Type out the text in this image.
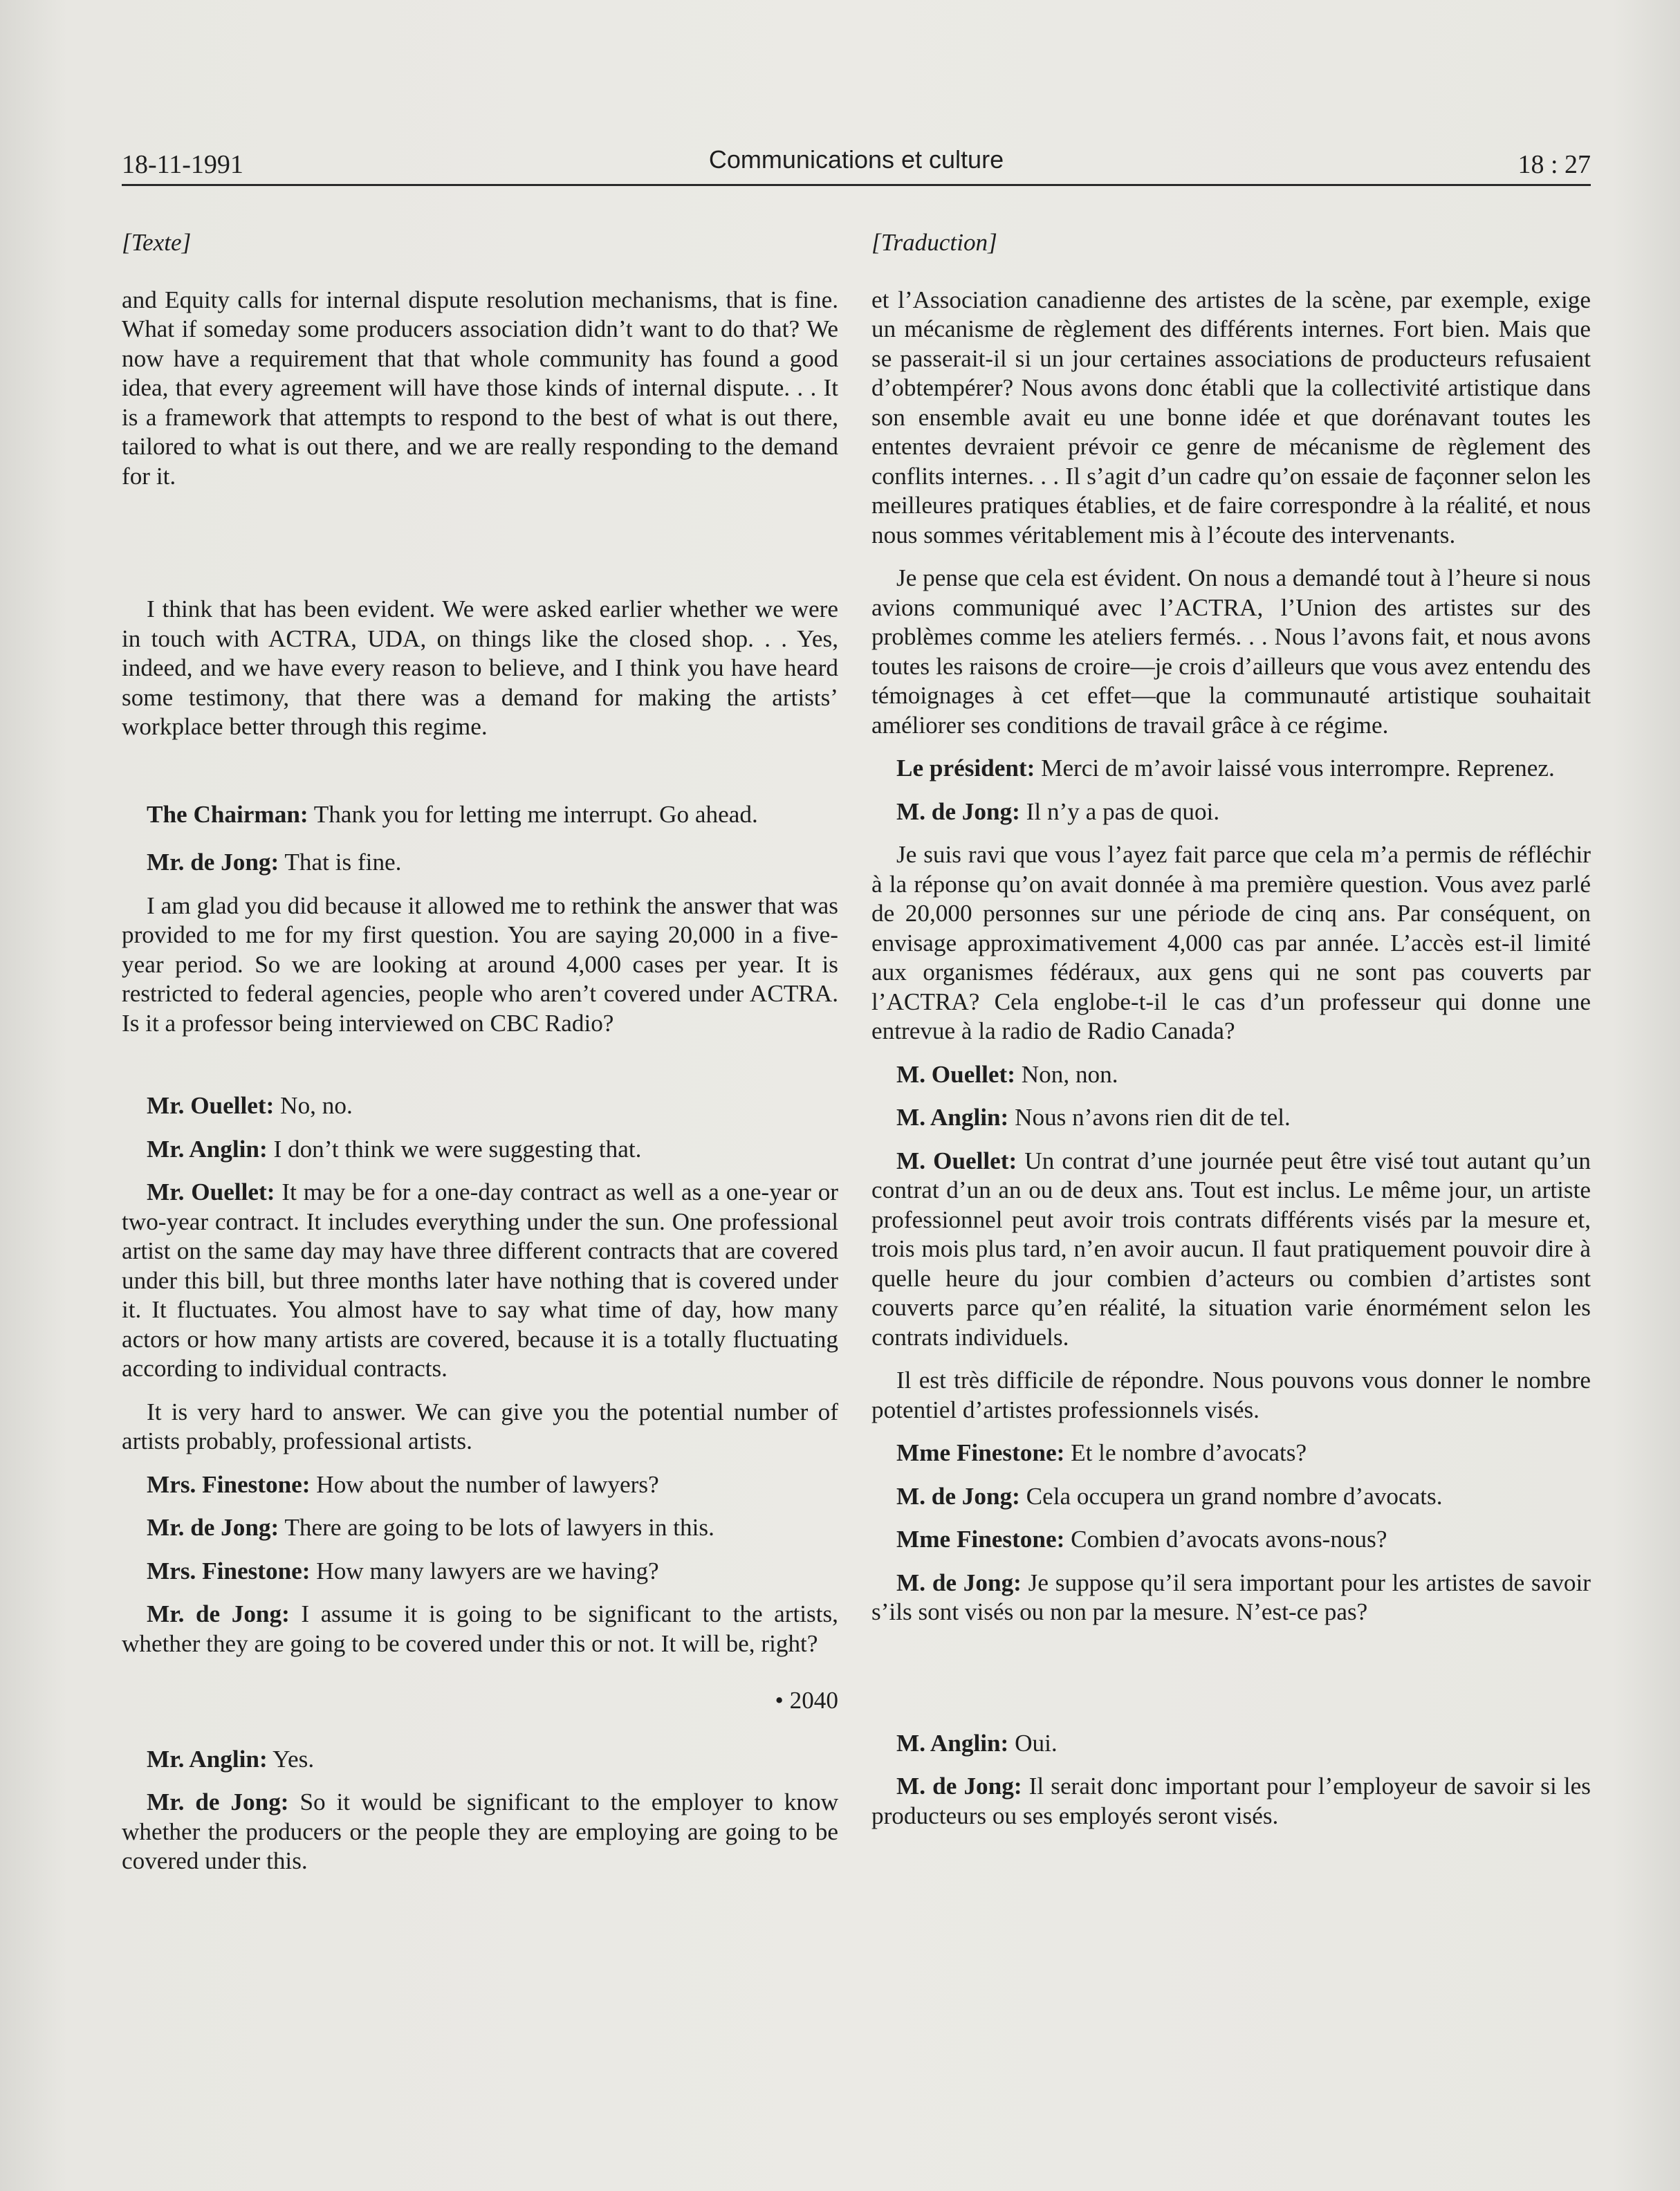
18-11-1991	Communications et culture	18 : 27

[Texte]

and Equity calls for internal dispute resolution mechanisms, that is fine. What if someday some producers association didn’t want to do that? We now have a requirement that that whole community has found a good idea, that every agreement will have those kinds of internal dispute. . . It is a framework that attempts to respond to the best of what is out there, tailored to what is out there, and we are really responding to the demand for it.

I think that has been evident. We were asked earlier whether we were in touch with ACTRA, UDA, on things like the closed shop. . . Yes, indeed, and we have every reason to believe, and I think you have heard some testimony, that there was a demand for making the artists’ workplace better through this regime.

The Chairman: Thank you for letting me interrupt. Go ahead.

Mr. de Jong: That is fine.

I am glad you did because it allowed me to rethink the answer that was provided to me for my first question. You are saying 20,000 in a five-year period. So we are looking at around 4,000 cases per year. It is restricted to federal agencies, people who aren’t covered under ACTRA. Is it a professor being interviewed on CBC Radio?

Mr. Ouellet: No, no.

Mr. Anglin: I don’t think we were suggesting that.

Mr. Ouellet: It may be for a one-day contract as well as a one-year or two-year contract. It includes everything under the sun. One professional artist on the same day may have three different contracts that are covered under this bill, but three months later have nothing that is covered under it. It fluctuates. You almost have to say what time of day, how many actors or how many artists are covered, because it is a totally fluctuating according to individual contracts.

It is very hard to answer. We can give you the potential number of artists probably, professional artists.

Mrs. Finestone: How about the number of lawyers?

Mr. de Jong: There are going to be lots of lawyers in this.

Mrs. Finestone: How many lawyers are we having?

Mr. de Jong: I assume it is going to be significant to the artists, whether they are going to be covered under this or not. It will be, right?

• 2040

Mr. Anglin: Yes.

Mr. de Jong: So it would be significant to the employer to know whether the producers or the people they are employing are going to be covered under this.

[Traduction]

et l’Association canadienne des artistes de la scène, par exemple, exige un mécanisme de règlement des différents internes. Fort bien. Mais que se passerait-il si un jour certaines associations de producteurs refusaient d’obtempérer? Nous avons donc établi que la collectivité artistique dans son ensemble avait eu une bonne idée et que dorénavant toutes les ententes devraient prévoir ce genre de mécanisme de règlement des conflits internes. . . Il s’agit d’un cadre qu’on essaie de façonner selon les meilleures pratiques établies, et de faire correspondre à la réalité, et nous nous sommes véritablement mis à l’écoute des intervenants.

Je pense que cela est évident. On nous a demandé tout à l’heure si nous avions communiqué avec l’ACTRA, l’Union des artistes sur des problèmes comme les ateliers fermés. . . Nous l’avons fait, et nous avons toutes les raisons de croire—je crois d’ailleurs que vous avez entendu des témoignages à cet effet—que la communauté artistique souhaitait améliorer ses conditions de travail grâce à ce régime.

Le président: Merci de m’avoir laissé vous interrompre. Reprenez.

M. de Jong: Il n’y a pas de quoi.

Je suis ravi que vous l’ayez fait parce que cela m’a permis de réfléchir à la réponse qu’on avait donnée à ma première question. Vous avez parlé de 20,000 personnes sur une période de cinq ans. Par conséquent, on envisage approximativement 4,000 cas par année. L’accès est-il limité aux organismes fédéraux, aux gens qui ne sont pas couverts par l’ACTRA? Cela englobe-t-il le cas d’un professeur qui donne une entrevue à la radio de Radio Canada?

M. Ouellet: Non, non.

M. Anglin: Nous n’avons rien dit de tel.

M. Ouellet: Un contrat d’une journée peut être visé tout autant qu’un contrat d’un an ou de deux ans. Tout est inclus. Le même jour, un artiste professionnel peut avoir trois contrats différents visés par la mesure et, trois mois plus tard, n’en avoir aucun. Il faut pratiquement pouvoir dire à quelle heure du jour combien d’acteurs ou combien d’artistes sont couverts parce qu’en réalité, la situation varie énormément selon les contrats individuels.

Il est très difficile de répondre. Nous pouvons vous donner le nombre potentiel d’artistes professionnels visés.

Mme Finestone: Et le nombre d’avocats?

M. de Jong: Cela occupera un grand nombre d’avocats.

Mme Finestone: Combien d’avocats avons-nous?

M. de Jong: Je suppose qu’il sera important pour les artistes de savoir s’ils sont visés ou non par la mesure. N’est-ce pas?

M. Anglin: Oui.

M. de Jong: Il serait donc important pour l’employeur de savoir si les producteurs ou ses employés seront visés.
